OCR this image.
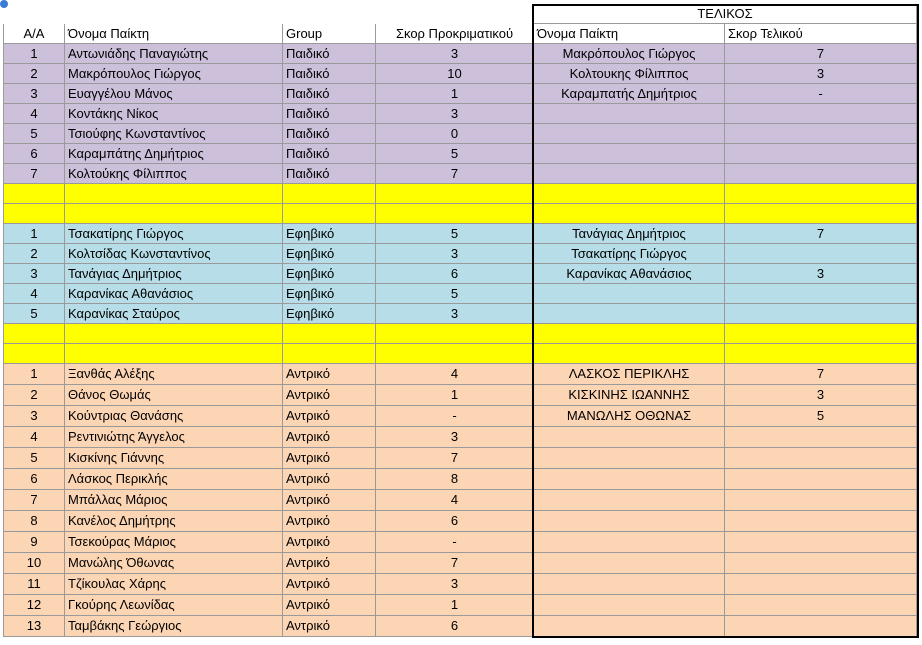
ΤΕΛΙΚΟΣ
Α/Α	Όνομα Παίκτη	Group	Σκορ Προκριματικού	Όνομα Παίκτη	Σκορ Τελικού
1	Αντωνιάδης Παναγιώτης	Παιδικό	3	Μακρόπουλος Γιώργος	7
2	Μακρόπουλος Γιώργος	Παιδικό	10	Κολτουκης Φίλιππος	3
3	Ευαγγέλου Μάνος	Παιδικό	1	Καραμπατής Δημήτριος	-
4	Κοντάκης Νίκος	Παιδικό	3
5	Τσιούφης Κωνσταντίνος	Παιδικό	0
6	Καραμπάτης Δημήτριος	Παιδικό	5
7	Κολτούκης Φίλιππος	Παιδικό	7
1	Τσακατίρης Γιώργος	Εφηβικό	5	Τανάγιας Δημήτριος	7
2	Κολτσίδας Κωνσταντίνος	Εφηβικό	3	Τσακατίρης Γιώργος
3	Τανάγιας Δημήτριος	Εφηβικό	6	Καρανίκας Αθανάσιος	3
4	Καρανίκας Αθανάσιος	Εφηβικό	5
5	Καρανίκας Σταύρος	Εφηβικό	3
1	Ξανθάς Αλέξης	Αντρικό	4	ΛΑΣΚΟΣ ΠΕΡΙΚΛΗΣ	7
2	Θάνος Θωμάς	Αντρικό	1	ΚΙΣΚΙΝΗΣ ΙΩΑΝΝΗΣ	3
3	Κούντριας Θανάσης	Αντρικό	-	ΜΑΝΩΛΗΣ ΟΘΩΝΑΣ	5
4	Ρεντινιώτης Άγγελος	Αντρικό	3
5	Κισκίνης Γιάννης	Αντρικό	7
6	Λάσκος Περικλής	Αντρικό	8
7	Μπάλλας Μάριος	Αντρικό	4
8	Κανέλος Δημήτρης	Αντρικό	6
9	Τσεκούρας Μάριος	Αντρικό	-
10	Μανώλης Όθωνας	Αντρικό	7
11	Τζίκουλας Χάρης	Αντρικό	3
12	Γκούρης Λεωνίδας	Αντρικό	1
13	Ταμβάκης Γεώργιος	Αντρικό	6
